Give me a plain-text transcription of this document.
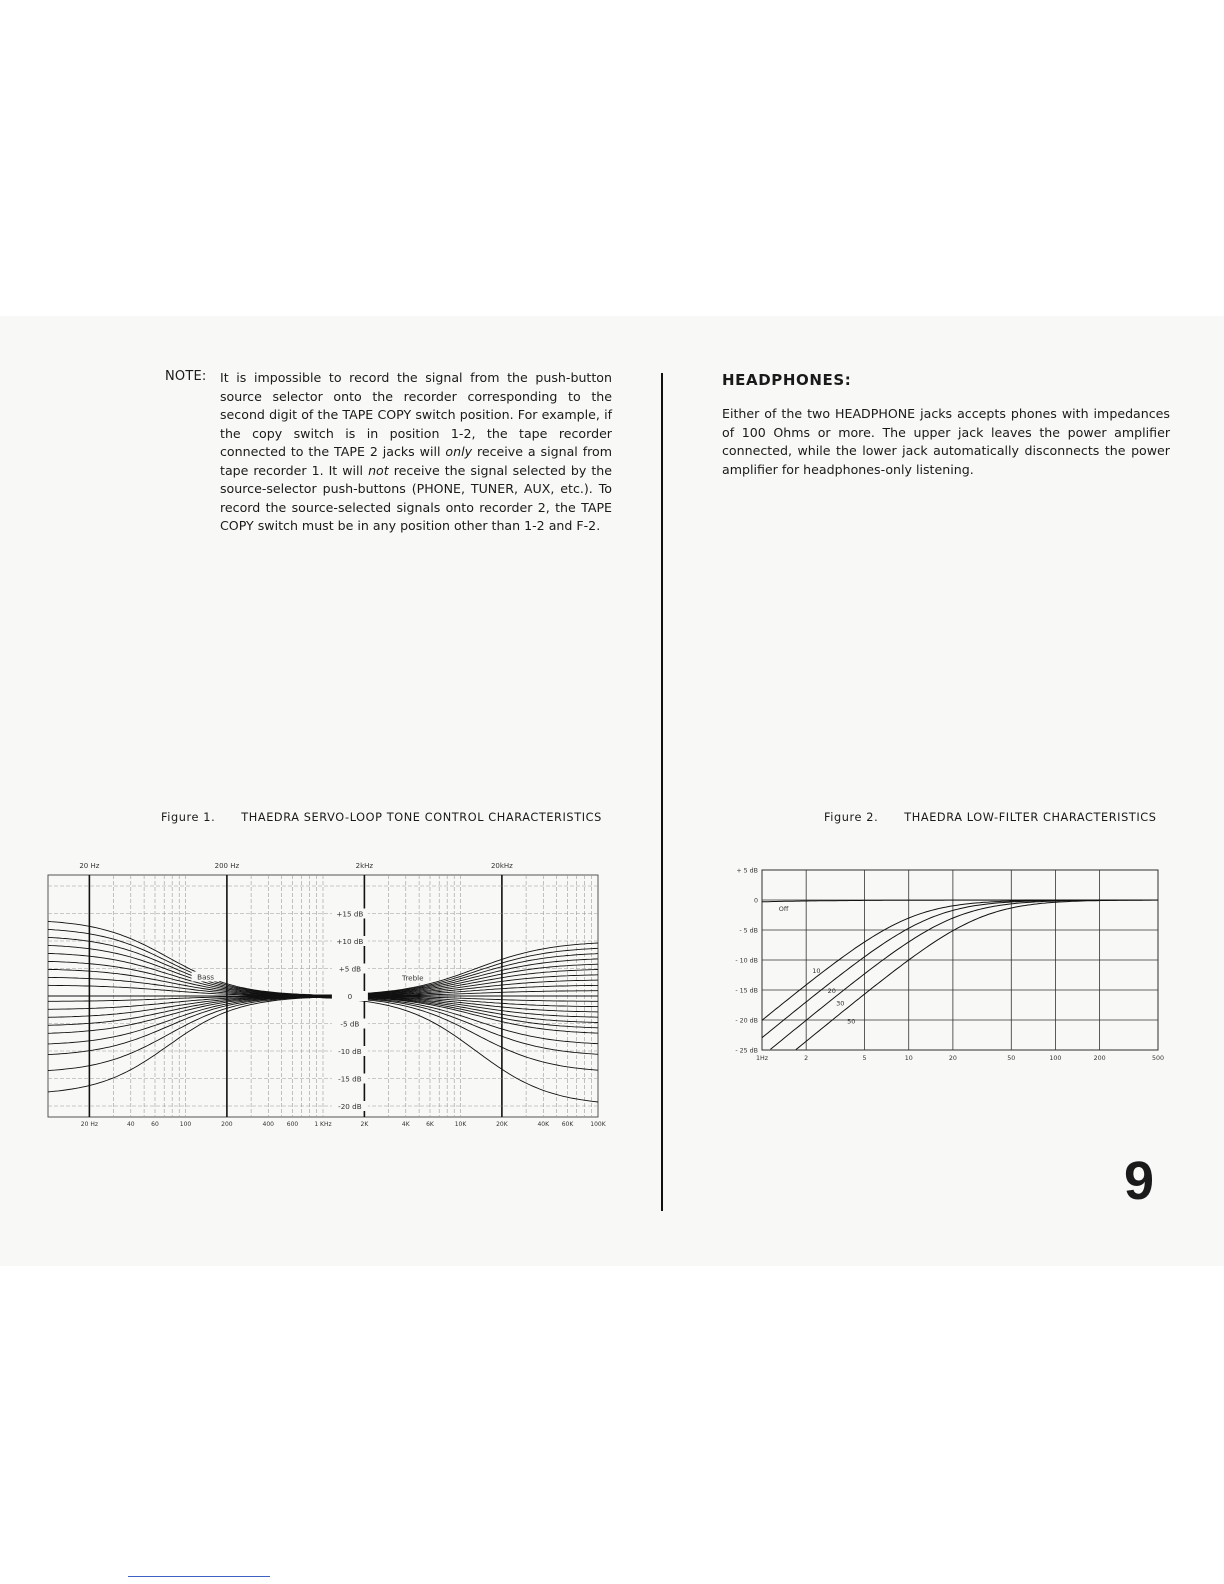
NOTE: It is impossible to record the signal from the push-button source selector onto the recorder corresponding to the second digit of the TAPE COPY switch position. For example, if the copy switch is in position 1-2, the tape recorder connected to the TAPE 2 jacks will only receive a signal from tape recorder 1. It will not receive the signal selected by the source-selector push-buttons (PHONE, TUNER, AUX, etc.). To record the source-selected signals onto recorder 2, the TAPE COPY switch must be in any position other than 1-2 and F-2.

HEADPHONES:

Either of the two HEADPHONE jacks accepts phones with impedances of 100 Ohms or more. The upper jack leaves the power amplifier connected, while the lower jack automatically disconnects the power amplifier for headphones-only listening.

Figure 1. THAEDRA SERVO-LOOP TONE CONTROL CHARACTERISTICS	Figure 2. THAEDRA LOW-FILTER CHARACTERISTICS
20 Hz	200 Hz	2kHz	20kHz
20 Hz	40	60	100	200	400 600	1 KHz	2K	4K	6K	10K	20K	40K 60K	100K
+15 dB
+10 dB
+5 dB
0
-5 dB
-10 dB
-15 dB
-20 dB
Bass	Treble
+ 5 dB
0
- 5 dB
- 10 dB
- 15 dB
- 20 dB
- 25 dB
1Hz	2	5	10	20	50	100	200	500
Off
10
20
30
50

9
